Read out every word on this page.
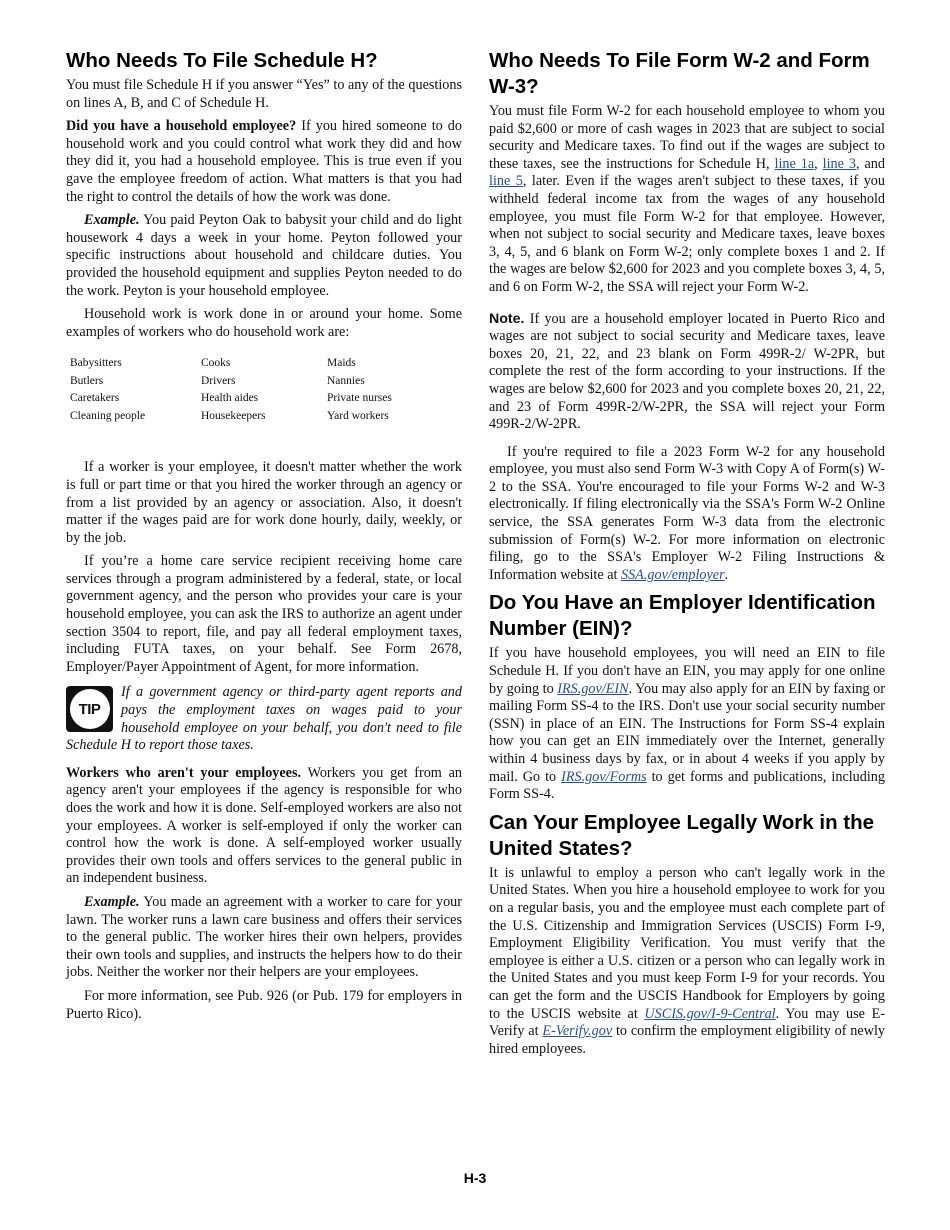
Who Needs To File Schedule H?

You must file Schedule H if you answer “Yes” to any of the questions on lines A, B, and C of Schedule H.

Did you have a household employee? If you hired someone to do household work and you could control what work they did and how they did it, you had a household employee. This is true even if you gave the employee freedom of action. What matters is that you had the right to control the details of how the work was done.

Example. You paid Peyton Oak to babysit your child and do light housework 4 days a week in your home. Peyton followed your specific instructions about household and childcare duties. You provided the household equipment and supplies Peyton needed to do the work. Peyton is your household employee.

Household work is work done in or around your home. Some examples of workers who do household work are:

Babysitters	Cooks	Maids
Butlers	Drivers	Nannies
Caretakers	Health aides	Private nurses
Cleaning people	Housekeepers	Yard workers

If a worker is your employee, it doesn't matter whether the work is full or part time or that you hired the worker through an agency or from a list provided by an agency or association. Also, it doesn't matter if the wages paid are for work done hourly, daily, weekly, or by the job.

If you’re a home care service recipient receiving home care services through a program administered by a federal, state, or local government agency, and the person who provides your care is your household employee, you can ask the IRS to authorize an agent under section 3504 to report, file, and pay all federal employment taxes, including FUTA taxes, on your behalf. See Form 2678, Employer/Payer Appointment of Agent, for more information.

TIP
If a government agency or third-party agent reports and pays the employment taxes on wages paid to your household employee on your behalf, you don't need to file Schedule H to report those taxes.

Workers who aren't your employees. Workers you get from an agency aren't your employees if the agency is responsible for who does the work and how it is done. Self-employed workers are also not your employees. A worker is self-employed if only the worker can control how the work is done. A self-employed worker usually provides their own tools and offers services to the general public in an independent business.

Example. You made an agreement with a worker to care for your lawn. The worker runs a lawn care business and offers their services to the general public. The worker hires their own helpers, provides their own tools and supplies, and instructs the helpers how to do their jobs. Neither the worker nor their helpers are your employees.

For more information, see Pub. 926 (or Pub. 179 for employers in Puerto Rico).

Who Needs To File Form W-2 and Form W-3?

You must file Form W-2 for each household employee to whom you paid $2,600 or more of cash wages in 2023 that are subject to social security and Medicare taxes. To find out if the wages are subject to these taxes, see the instructions for Schedule H, line 1a, line 3, and line 5, later. Even if the wages aren't subject to these taxes, if you withheld federal income tax from the wages of any household employee, you must file Form W-2 for that employee. However, when not subject to social security and Medicare taxes, leave boxes 3, 4, 5, and 6 blank on Form W-2; only complete boxes 1 and 2. If the wages are below $2,600 for 2023 and you complete boxes 3, 4, 5, and 6 on Form W-2, the SSA will reject your Form W-2.

Note. If you are a household employer located in Puerto Rico and wages are not subject to social security and Medicare taxes, leave boxes 20, 21, 22, and 23 blank on Form 499R-2/ W-2PR, but complete the rest of the form according to your instructions. If the wages are below $2,600 for 2023 and you complete boxes 20, 21, 22, and 23 of Form 499R-2/W-2PR, the SSA will reject your Form 499R-2/W-2PR.

If you're required to file a 2023 Form W-2 for any household employee, you must also send Form W-3 with Copy A of Form(s) W-2 to the SSA. You're encouraged to file your Forms W-2 and W-3 electronically. If filing electronically via the SSA's Form W-2 Online service, the SSA generates Form W-3 data from the electronic submission of Form(s) W-2. For more information on electronic filing, go to the SSA's Employer W-2 Filing Instructions & Information website at SSA.gov/employer.

Do You Have an Employer Identification Number (EIN)?

If you have household employees, you will need an EIN to file Schedule H. If you don't have an EIN, you may apply for one online by going to IRS.gov/EIN. You may also apply for an EIN by faxing or mailing Form SS-4 to the IRS. Don't use your social security number (SSN) in place of an EIN. The Instructions for Form SS-4 explain how you can get an EIN immediately over the Internet, generally within 4 business days by fax, or in about 4 weeks if you apply by mail. Go to IRS.gov/Forms to get forms and publications, including Form SS-4.

Can Your Employee Legally Work in the United States?

It is unlawful to employ a person who can't legally work in the United States. When you hire a household employee to work for you on a regular basis, you and the employee must each complete part of the U.S. Citizenship and Immigration Services (USCIS) Form I-9, Employment Eligibility Verification. You must verify that the employee is either a U.S. citizen or a person who can legally work in the United States and you must keep Form I-9 for your records. You can get the form and the USCIS Handbook for Employers by going to the USCIS website at USCIS.gov/I-9-Central. You may use E-Verify at E-Verify.gov to confirm the employment eligibility of newly hired employees.

H-3
